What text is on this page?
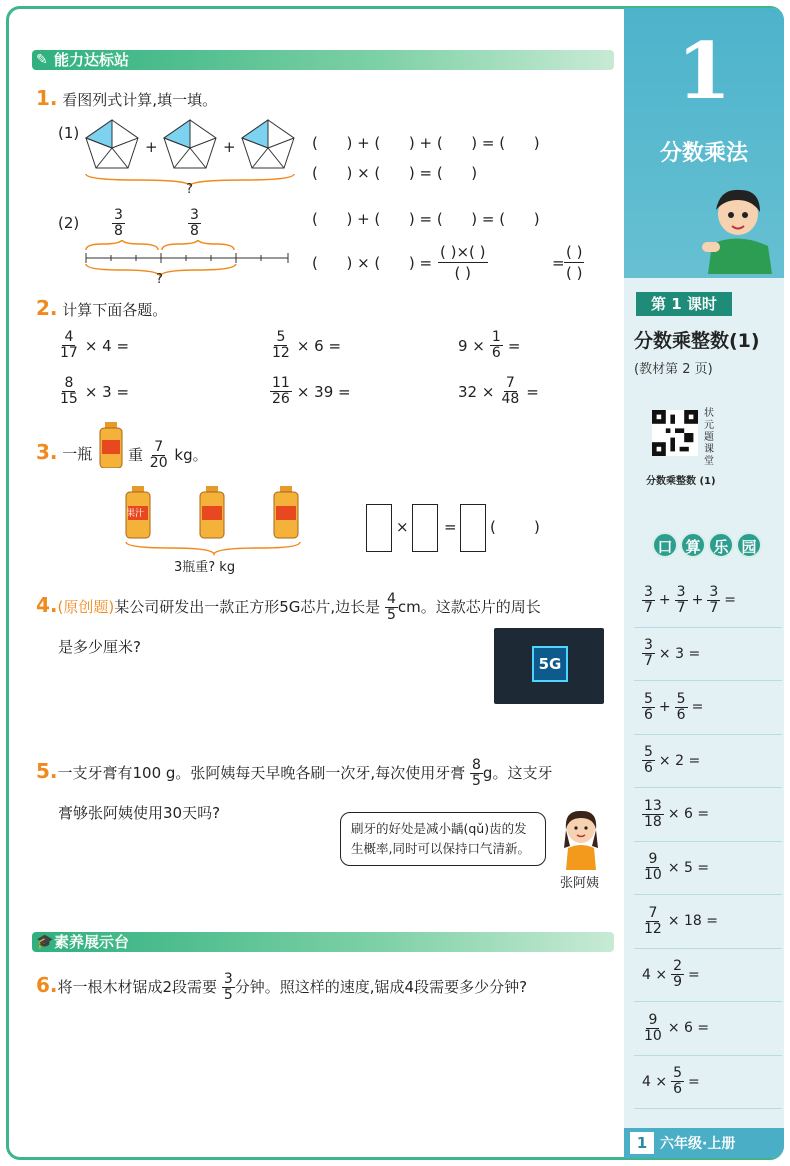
1
分数乘法
第 1 课时
分数乘整数(1)
(教材第 2 页)
状元题课堂
分数乘整数 (1)
口 算 乐 园
$\frac{3}{7} + \frac{3}{7} + \frac{3}{7}$ =
$\frac{3}{7} \times 3$ =
$\frac{5}{6} + \frac{5}{6}$ =
$\frac{5}{6} \times 2$ =
$\frac{13}{18} \times 6$ =
$\frac{9}{10} \times 5$ =
$\frac{7}{12} \times 18$ =
$4 \times \frac{2}{9}$ =
$\frac{9}{10} \times 6$ =
$4 \times \frac{5}{6}$ =
1 六年级·上册
✎ 能力达标站
1. 看图列式计算,填一填。
(1)
+	+
?
(      ) + (      ) + (      ) = (      )
(      ) × (      ) = (      )
$(2) \frac{3}{8}$	$\frac{3}{8}$
?
(      ) + (      ) = (      ) = (      )
(      ) × (      ) =
( )×( )
( )
=
( )
( )
2. 计算下面各题。
$\frac{4}{17} \times 4$ =	$\frac{5}{12} \times 6$ =	$9 \times \frac{1}{6}$ =
$\frac{8}{15} \times 3$ =	$\frac{11}{26} \times 39$ =	$32 \times \frac{7}{48}$ =
3. 一瓶 重 $\frac{7}{20}$ kg。
果汁
3瓶重? kg
× = (        )
4.(原创题)某公司研发出一款正方形5G芯片,边长是 $\frac{4}{5}$ cm。这款芯片的周长
是多少厘米?
5G
5.一支牙膏有100 g。张阿姨每天早晚各刷一次牙,每次使用牙膏 $\frac{8}{5}$ g。这支牙
膏够张阿姨使用30天吗?
刷牙的好处是减小龋(qǔ)齿的发生概率,同时可以保持口气清新。
张阿姨
🎓 素养展示台
6.将一根木材锯成2段需要 $\frac{3}{5}$ 分钟。照这样的速度,锯成4段需要多少分钟?
